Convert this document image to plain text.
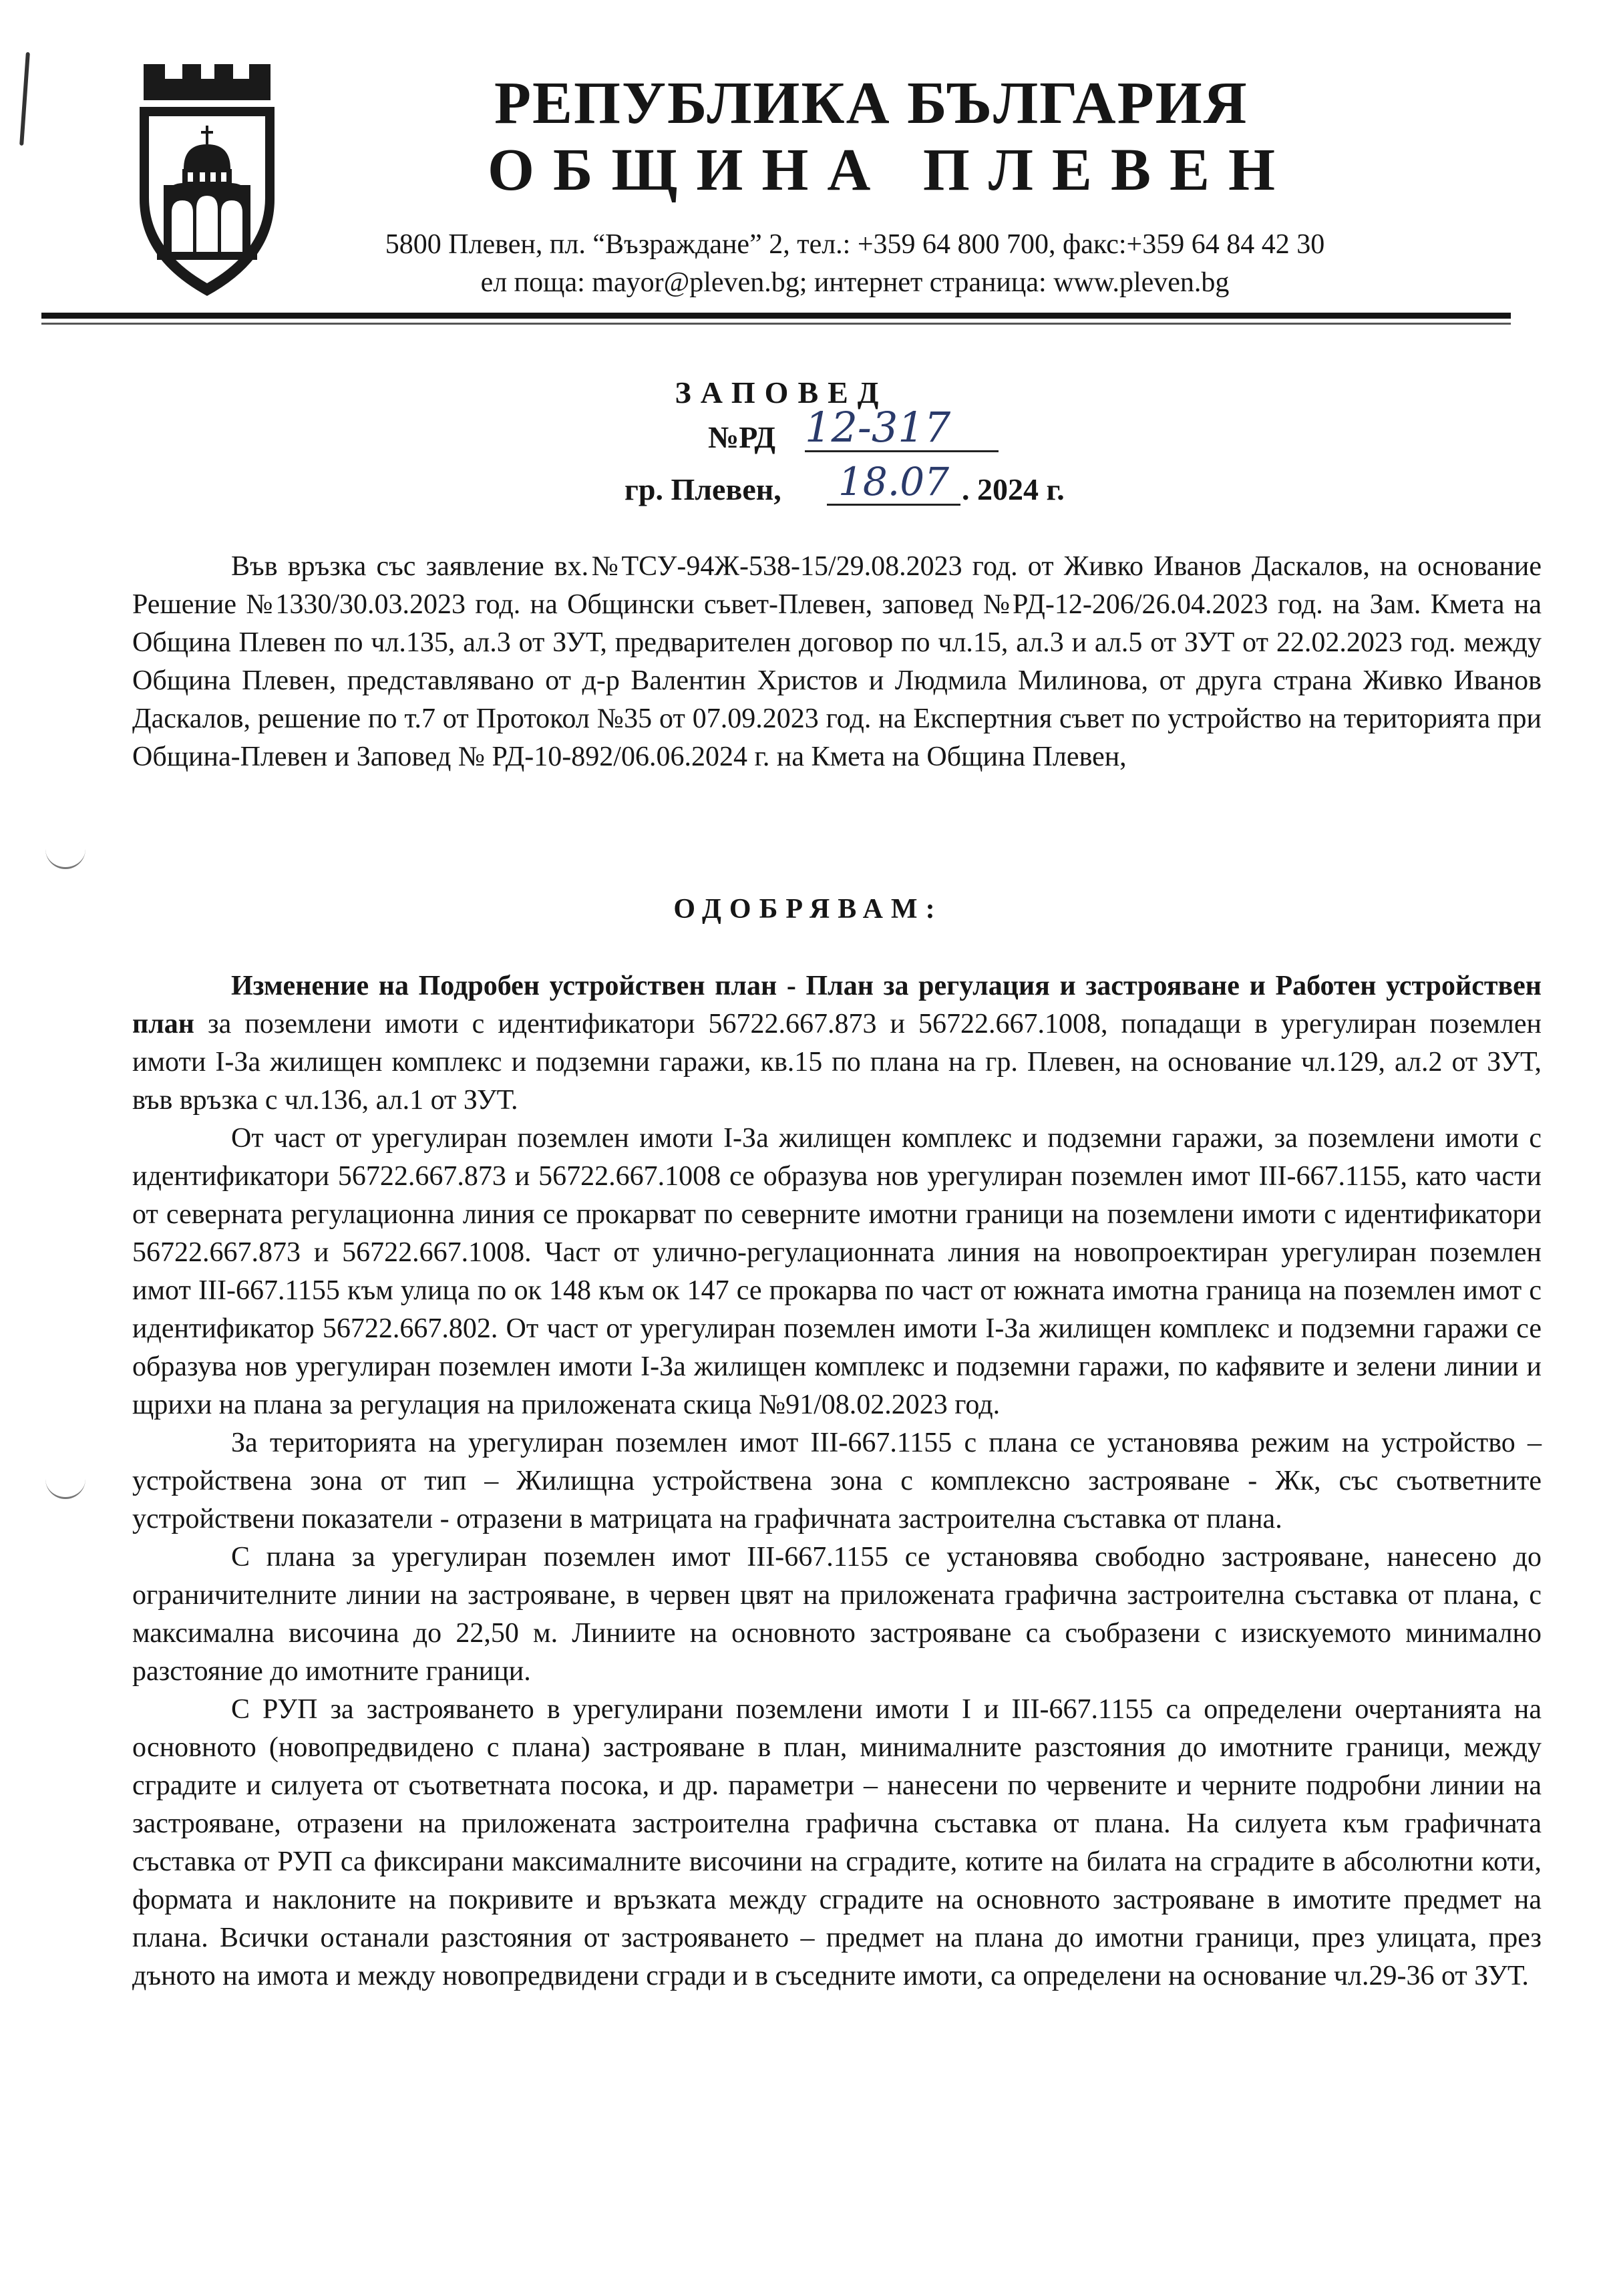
РЕПУБЛИКА БЪЛГАРИЯ
ОБЩИНА ПЛЕВЕН
5800 Плевен, пл. “Възраждане” 2, тел.: +359 64 800 700, факс:+359 64 84 42 30
ел поща: mayor@pleven.bg; интернет страница: www.pleven.bg
ЗАПОВЕД
№РД 12-317
гр. Плевен, 18.07 . 2024 г.

Във връзка със заявление вх.№ТСУ-94Ж-538-15/29.08.2023 год. от Живко Иванов Даскалов, на основание Решение №1330/30.03.2023 год. на Общински съвет-Плевен, заповед №РД-12-206/26.04.2023 год. на Зам. Кмета на Община Плевен по чл.135, ал.3 от ЗУТ, предварителен договор по чл.15, ал.3 и ал.5 от ЗУТ от 22.02.2023 год. между Община Плевен, представлявано от д-р Валентин Христов и Людмила Милинова, от друга страна Живко Иванов Даскалов, решение по т.7 от Протокол №35 от 07.09.2023 год. на Експертния съвет по устройство на територията при Община-Плевен и Заповед № РД-10-892/06.06.2024 г. на Кмета на Община Плевен,

ОДОБРЯВАМ:

Изменение на Подробен устройствен план - План за регулация и застрояване и Работен устройствен план за поземлени имоти с идентификатори 56722.667.873 и 56722.667.1008, попадащи в урегулиран поземлен имоти I-За жилищен комплекс и подземни гаражи, кв.15 по плана на гр. Плевен, на основание чл.129, ал.2 от ЗУТ, във връзка с чл.136, ал.1 от ЗУТ.

От част от урегулиран поземлен имоти I-За жилищен комплекс и подземни гаражи, за поземлени имоти с идентификатори 56722.667.873 и 56722.667.1008 се образува нов урегулиран поземлен имот III-667.1155, като части от северната регулационна линия се прокарват по северните имотни граници на поземлени имоти с идентификатори 56722.667.873 и 56722.667.1008. Част от улично-регулационната линия на новопроектиран урегулиран поземлен имот III-667.1155 към улица по ок 148 към ок 147 се прокарва по част от южната имотна граница на поземлен имот с идентификатор 56722.667.802. От част от урегулиран поземлен имоти I-За жилищен комплекс и подземни гаражи се образува нов урегулиран поземлен имоти I-За жилищен комплекс и подземни гаражи, по кафявите и зелени линии и щрихи на плана за регулация на приложената скица №91/08.02.2023 год.

За територията на урегулиран поземлен имот III-667.1155 с плана се установява режим на устройство – устройствена зона от тип – Жилищна устройствена зона с комплексно застрояване - Жк, със съответните устройствени показатели - отразени в матрицата на графичната застроителна съставка от плана.

С плана за урегулиран поземлен имот III-667.1155 се установява свободно застрояване, нанесено до ограничителните линии на застрояване, в червен цвят на приложената графична застроителна съставка от плана, с максимална височина до 22,50 м. Линиите на основното застрояване са съобразени с изискуемото минимално разстояние до имотните граници.

С РУП за застрояването в урегулирани поземлени имоти I и III-667.1155 са определени очертанията на основното (новопредвидено с плана) застрояване в план, минималните разстояния до имотните граници, между сградите и силуета от съответната посока, и др. параметри – нанесени по червените и черните подробни линии на застрояване, отразени на приложената застроителна графична съставка от плана. На силуета към графичната съставка от РУП са фиксирани максималните височини на сградите, котите на билата на сградите в абсолютни коти, формата и наклоните на покривите и връзката между сградите на основното застрояване в имотите предмет на плана. Всички останали разстояния от застрояването – предмет на плана до имотни граници, през улицата, през дъното на имота и между новопредвидени сгради и в съседните имоти, са определени на основание чл.29-36 от ЗУТ.
